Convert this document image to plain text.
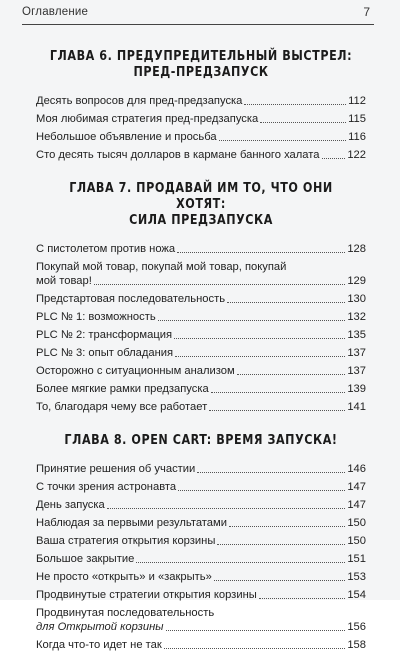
Оглавление	7
ГЛАВА 6. ПРЕДУПРЕДИТЕЛЬНЫЙ ВЫСТРЕЛ:
ПРЕД-ПРЕДЗАПУСК
Десять вопросов для пред-предзапуска	112
Моя любимая стратегия пред-предзапуска	115
Небольшое объявление и просьба	116
Сто десять тысяч долларов в кармане банного халата 122
ГЛАВА 7. ПРОДАВАЙ ИМ ТО, ЧТО ОНИ ХОТЯТ:
СИЛА ПРЕДЗАПУСКА
С пистолетом против ножа	128
Покупай мой товар, покупай мой товар, покупай
мой товар!	129
Предстартовая последовательность	130
PLC № 1: возможность	132
PLC № 2: трансформация	135
PLC № 3: опыт обладания	137
Осторожно с ситуационным анализом	137
Более мягкие рамки предзапуска	139
То, благодаря чему все работает	141
ГЛАВА 8. OPEN CART: ВРЕМЯ ЗАПУСКА!
Принятие решения об участии	146
С точки зрения астронавта	147
День запуска	147
Наблюдая за первыми результатами	150
Ваша стратегия открытия корзины	150
Большое закрытие	151
Не просто «открыть» и «закрыть»	153
Продвинутые стратегии открытия корзины	154
Продвинутая последовательность
для Открытой корзины	156
Когда что-то идет не так	158
